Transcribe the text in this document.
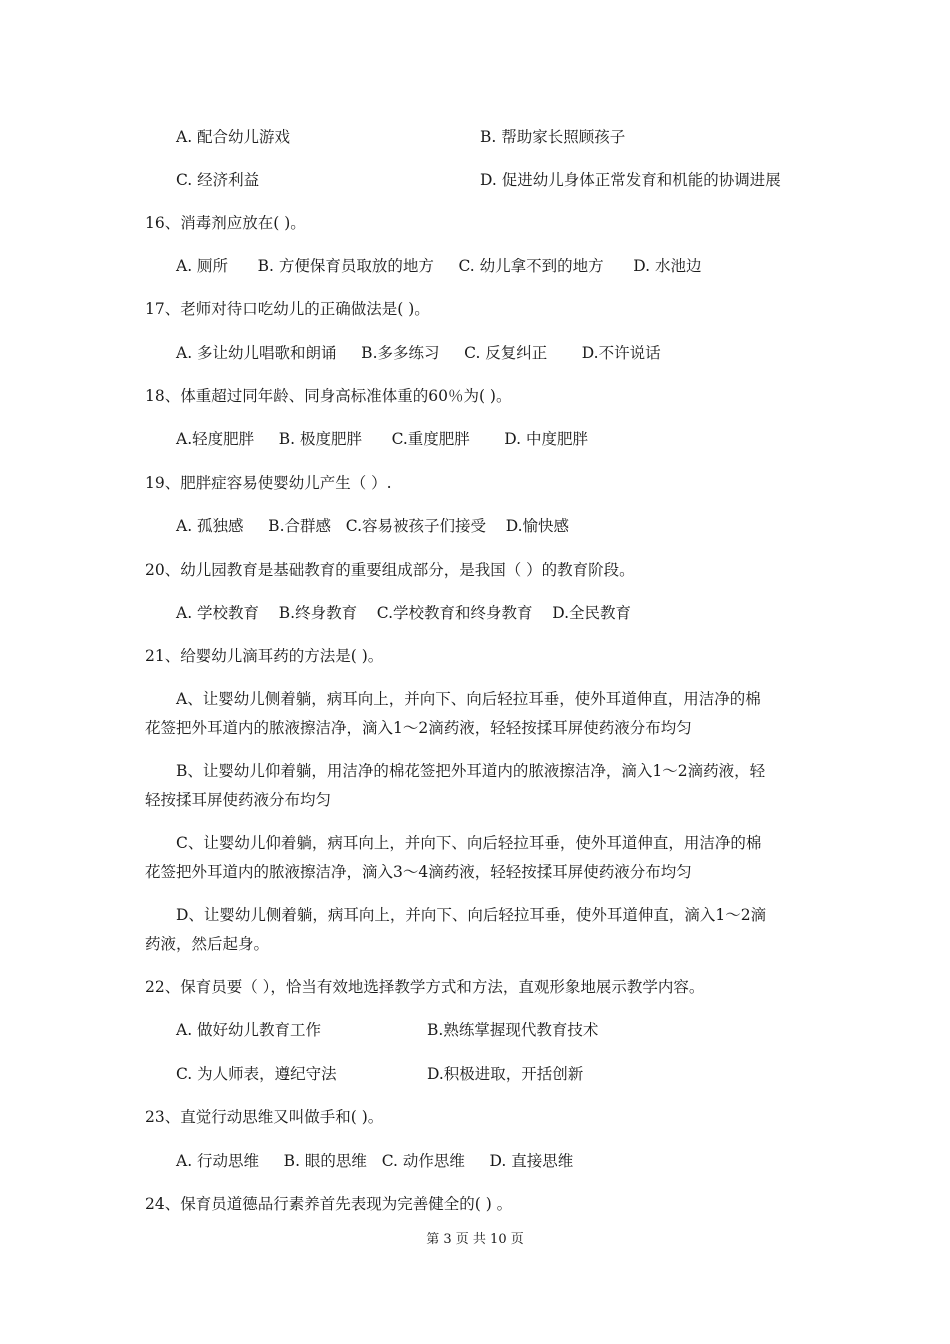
A. 配合幼儿游戏	B. 帮助家长照顾孩子
C. 经济利益	D. 促进幼儿身体正常发育和机能的协调进展
16、消毒剂应放在( )。
A. 厕所      B. 方便保育员取放的地方     C. 幼儿拿不到的地方      D. 水池边
17、老师对待口吃幼儿的正确做法是( )。
A. 多让幼儿唱歌和朗诵     B.多多练习     C. 反复纠正       D.不许说话
18、体重超过同年龄、同身高标准体重的60％为( )。
A.轻度肥胖     B. 极度肥胖      C.重度肥胖       D. 中度肥胖
19、肥胖症容易使婴幼儿产生（ ）.
A. 孤独感     B.合群感   C.容易被孩子们接受    D.愉快感
20、幼儿园教育是基础教育的重要组成部分，是我国（ ）的教育阶段。
A. 学校教育    B.终身教育    C.学校教育和终身教育    D.全民教育
21、给婴幼儿滴耳药的方法是( )。
A、让婴幼儿侧着躺，病耳向上，并向下、向后轻拉耳垂，使外耳道伸直，用洁净的棉
花签把外耳道内的脓液擦洁净，滴入1～2滴药液，轻轻按揉耳屏使药液分布均匀
B、让婴幼儿仰着躺，用洁净的棉花签把外耳道内的脓液擦洁净，滴入1～2滴药液，轻
轻按揉耳屏使药液分布均匀
C、让婴幼儿仰着躺，病耳向上，并向下、向后轻拉耳垂，使外耳道伸直，用洁净的棉
花签把外耳道内的脓液擦洁净，滴入3～4滴药液，轻轻按揉耳屏使药液分布均匀
D、让婴幼儿侧着躺，病耳向上，并向下、向后轻拉耳垂，使外耳道伸直，滴入1～2滴
药液，然后起身。
22、保育员要（ ），恰当有效地选择教学方式和方法，直观形象地展示教学内容。
A. 做好幼儿教育工作	B.熟练掌握现代教育技术
C. 为人师表，遵纪守法	D.积极进取，开括创新
23、直觉行动思维又叫做手和( )。
A. 行动思维     B. 眼的思维   C. 动作思维     D. 直接思维
24、保育员道德品行素养首先表现为完善健全的( ) 。
第 3 页 共 10 页
